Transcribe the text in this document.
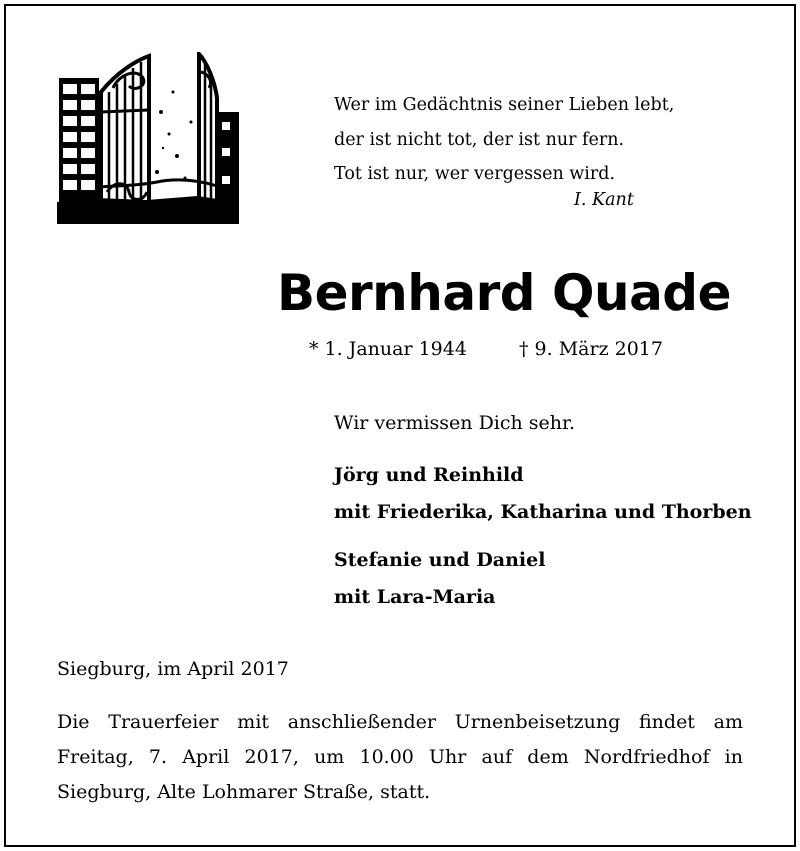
Wer im Gedächtnis seiner Lieben lebt,
der ist nicht tot, der ist nur fern.
Tot ist nur, wer vergessen wird.
I. Kant
Bernhard Quade
* 1. Januar 1944	† 9. März 2017
Wir vermissen Dich sehr.
Jörg und Reinhild
mit Friederika, Katharina und Thorben
Stefanie und Daniel
mit Lara-Maria
Siegburg, im April 2017
Die Trauerfeier mit anschließender Urnenbeisetzung findet am Freitag, 7. April 2017, um 10.00 Uhr auf dem Nordfriedhof in Siegburg, Alte Lohmarer Straße, statt.
